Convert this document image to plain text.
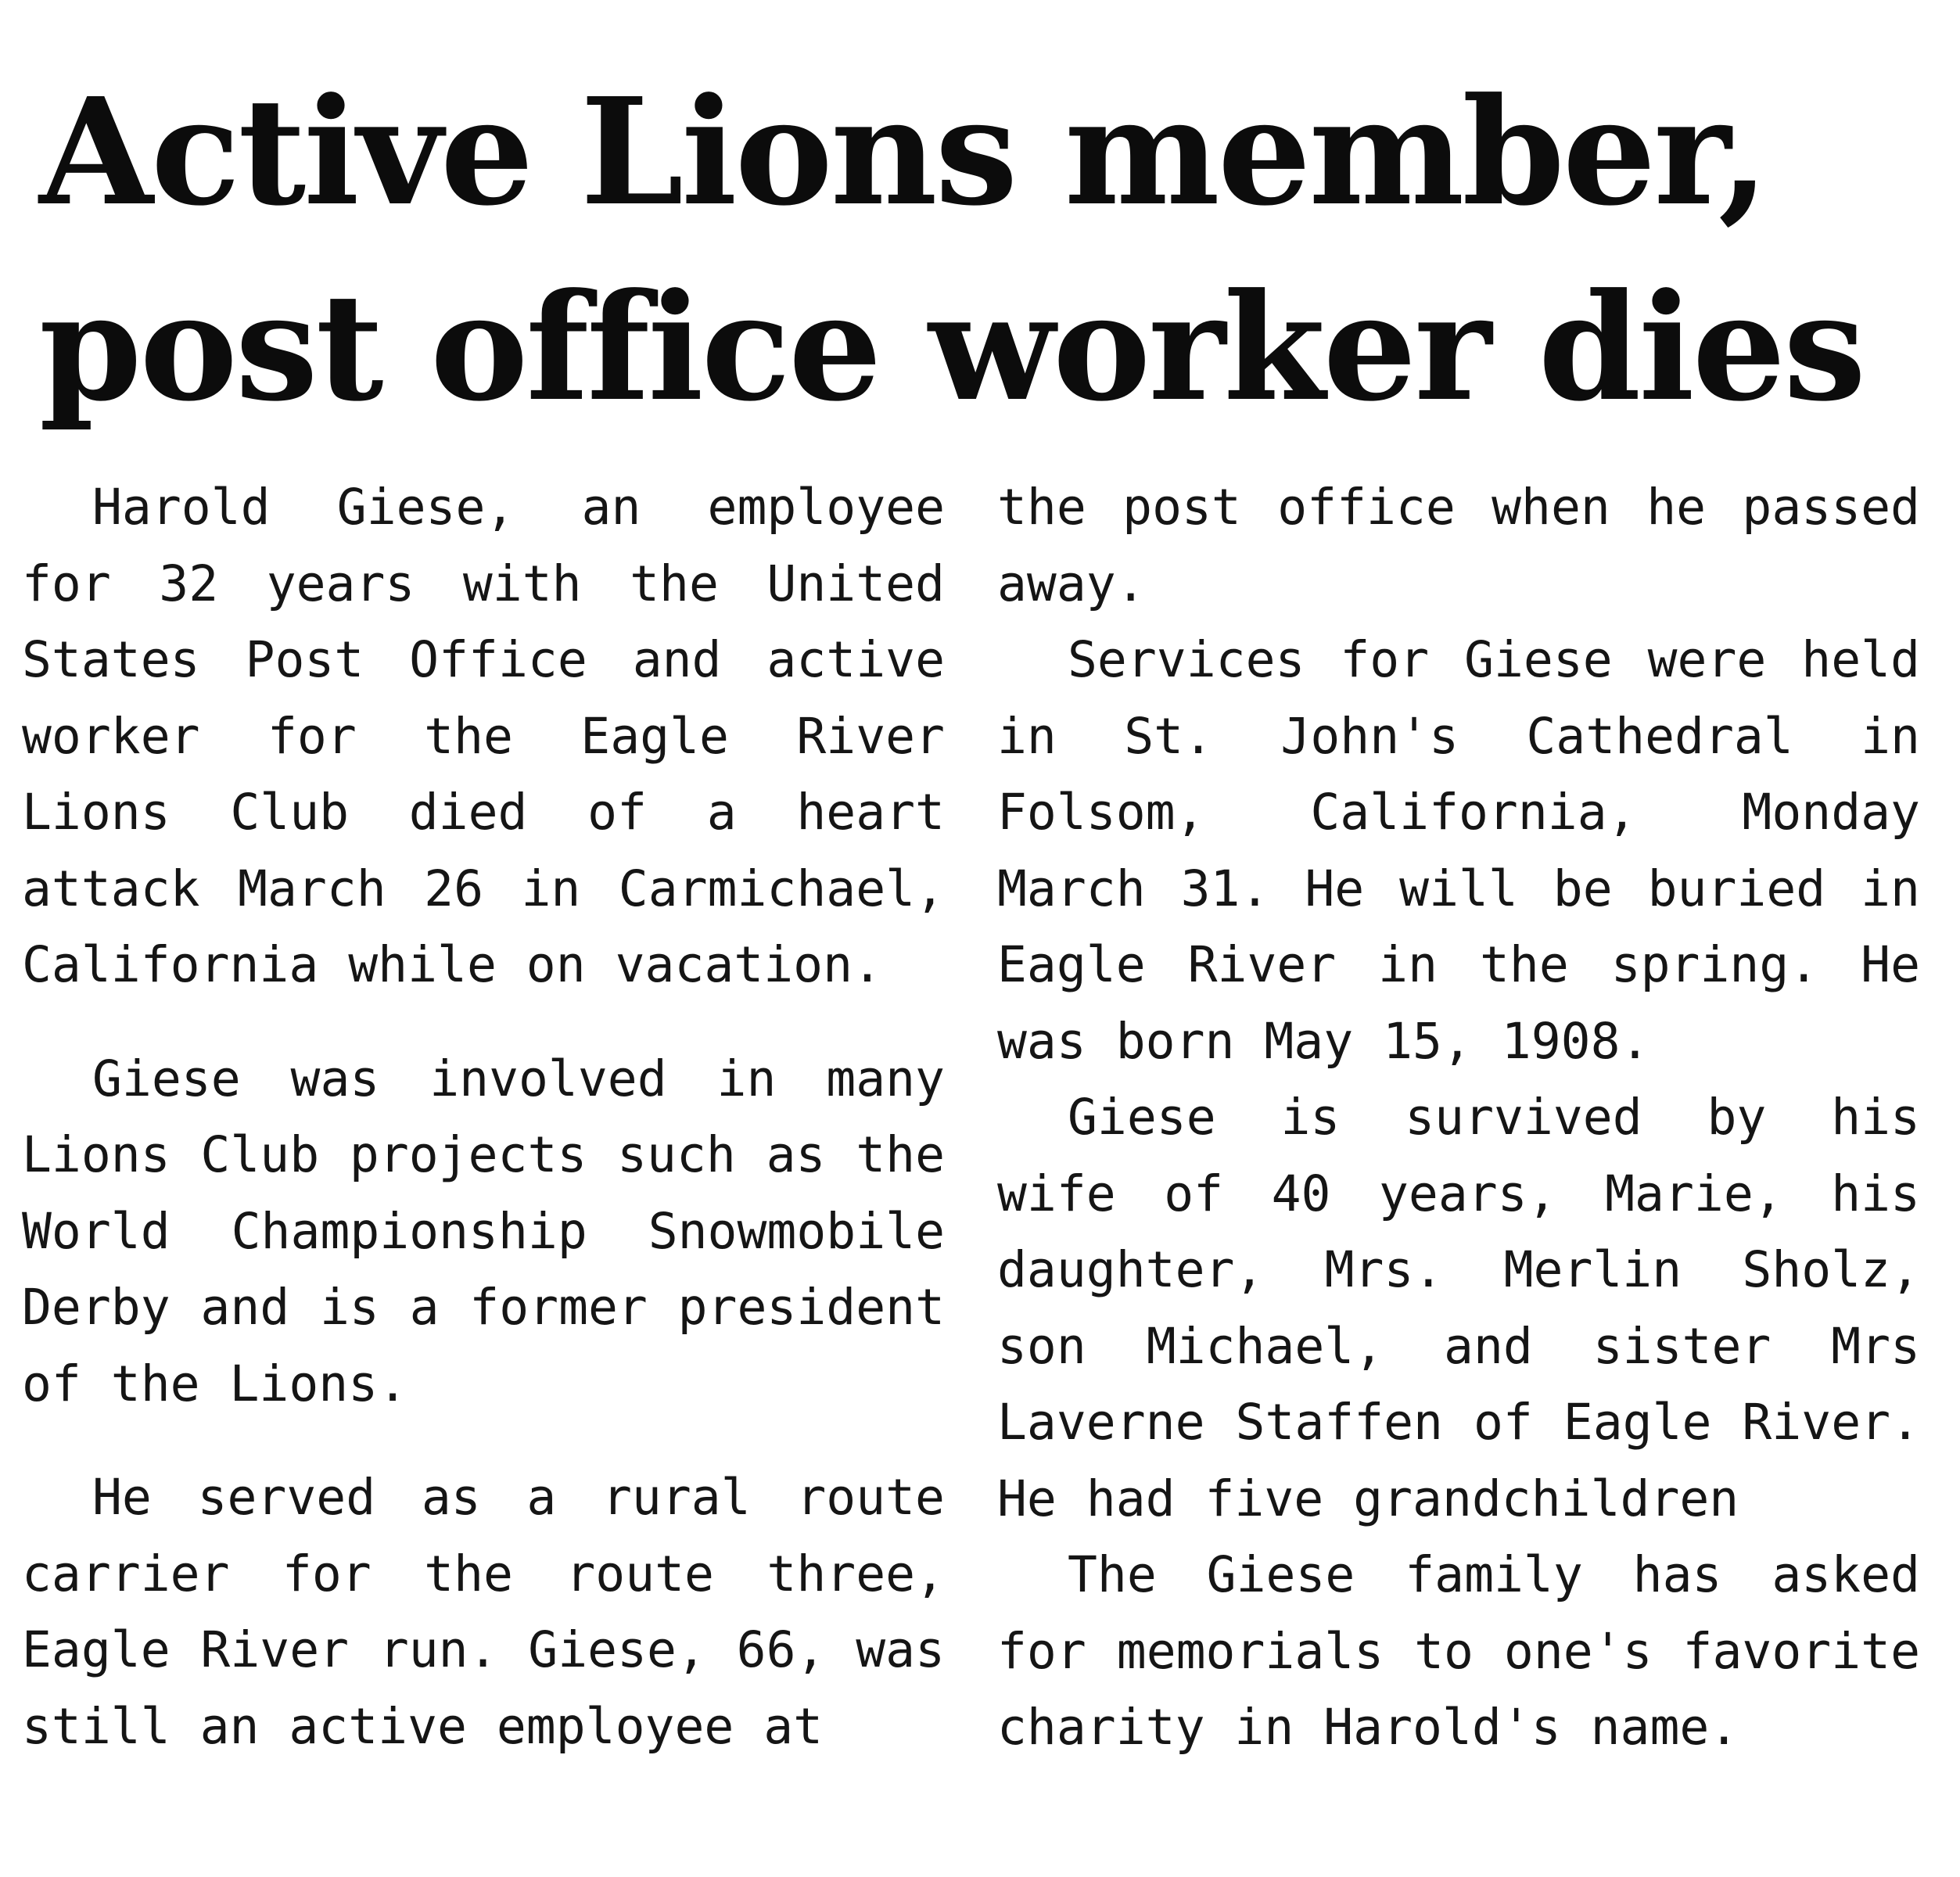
Active Lions member,
post office worker dies

Harold Giese, an employee for 32 years with the United States Post Office and active worker for the Eagle River Lions Club died of a heart attack March 26 in Carmichael, California while on vacation.

Giese was involved in many Lions Club projects such as the World Championship Snowmobile Derby and is a former president of the Lions.

He served as a rural route carrier for the route three, Eagle River run. Giese, 66, was still an active employee at

the post office when he passed away.

Services for Giese were held in St. John's Cathedral in Folsom, California, Monday March 31. He will be buried in Eagle River in the spring. He was born May 15, 1908.

Giese is survived by his wife of 40 years, Marie, his daughter, Mrs. Merlin Sholz, son Michael, and sister Mrs Laverne Staffen of Eagle River. He had five grandchildren

The Giese family has asked for memorials to one's favorite charity in Harold's name.
